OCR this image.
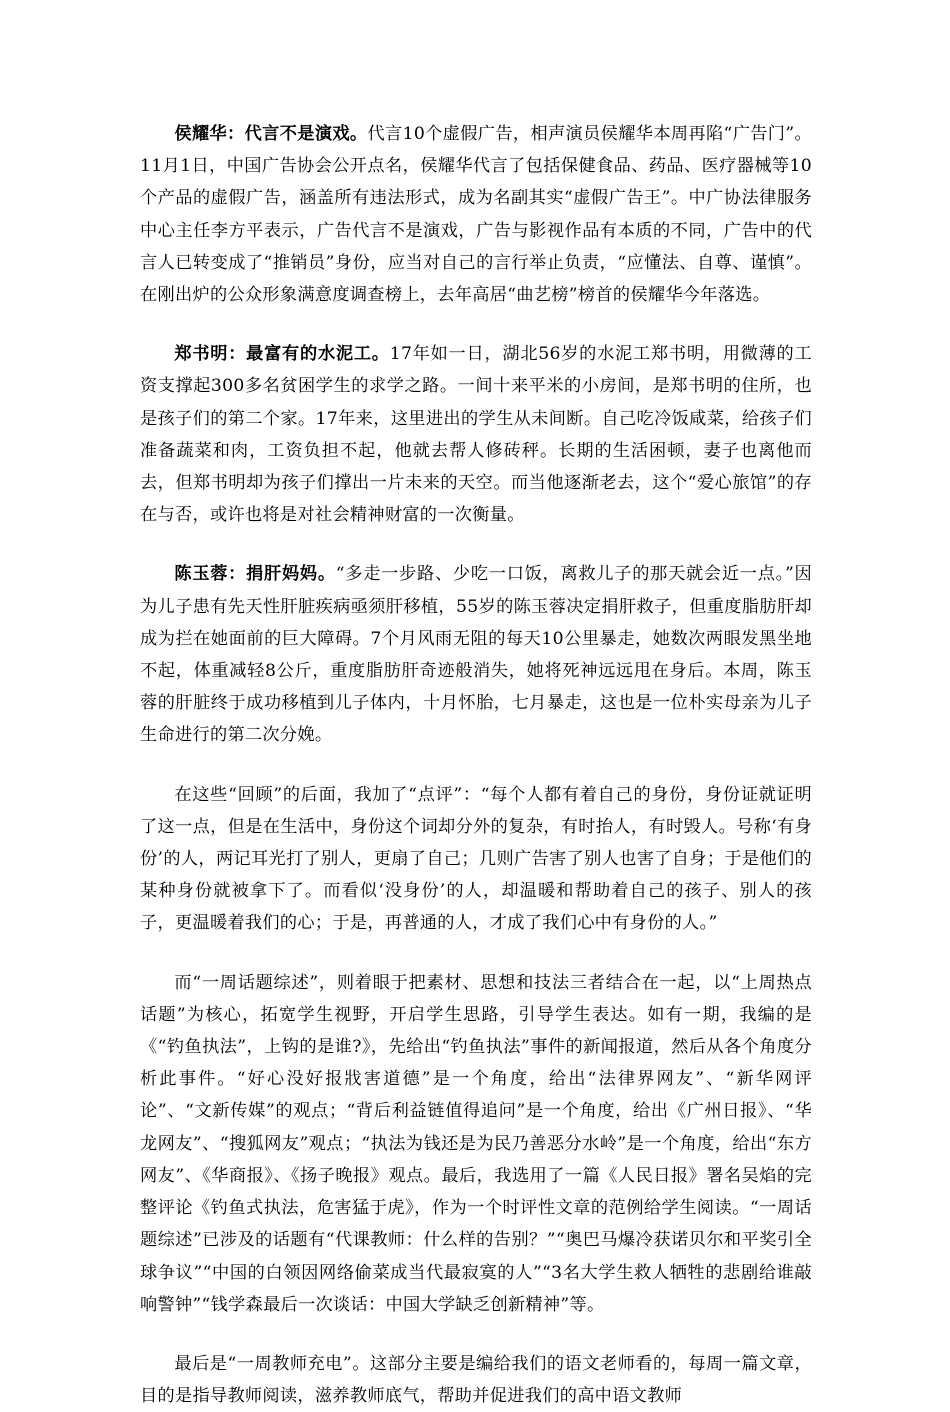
侯耀华：代言不是演戏。代言10个虚假广告，相声演员侯耀华本周再陷“广告门”。11月1日，中国广告协会公开点名，侯耀华代言了包括保健食品、药品、医疗器械等10个产品的虚假广告，涵盖所有违法形式，成为名副其实“虚假广告王”。中广协法律服务中心主任李方平表示，广告代言不是演戏，广告与影视作品有本质的不同，广告中的代言人已转变成了“推销员”身份，应当对自己的言行举止负责，“应懂法、自尊、谨慎”。在刚出炉的公众形象满意度调查榜上，去年高居“曲艺榜”榜首的侯耀华今年落选。

郑书明：最富有的水泥工。17年如一日，湖北56岁的水泥工郑书明，用微薄的工资支撑起300多名贫困学生的求学之路。一间十来平米的小房间，是郑书明的住所，也是孩子们的第二个家。17年来，这里进出的学生从未间断。自己吃冷饭咸菜，给孩子们准备蔬菜和肉，工资负担不起，他就去帮人修砖秤。长期的生活困顿，妻子也离他而去，但郑书明却为孩子们撑出一片未来的天空。而当他逐渐老去，这个“爱心旅馆”的存在与否，或许也将是对社会精神财富的一次衡量。

陈玉蓉：捐肝妈妈。“多走一步路、少吃一口饭，离救儿子的那天就会近一点。”因为儿子患有先天性肝脏疾病亟须肝移植，55岁的陈玉蓉决定捐肝救子，但重度脂肪肝却成为拦在她面前的巨大障碍。7个月风雨无阻的每天10公里暴走，她数次两眼发黑坐地不起，体重减轻8公斤，重度脂肪肝奇迹般消失，她将死神远远甩在身后。本周，陈玉蓉的肝脏终于成功移植到儿子体内，十月怀胎，七月暴走，这也是一位朴实母亲为儿子生命进行的第二次分娩。

在这些“回顾”的后面，我加了“点评”：“每个人都有着自己的身份，身份证就证明了这一点，但是在生活中，身份这个词却分外的复杂，有时抬人，有时毁人。号称‘有身份’的人，两记耳光打了别人，更扇了自己；几则广告害了别人也害了自身；于是他们的某种身份就被拿下了。而看似‘没身份’的人，却温暖和帮助着自己的孩子、别人的孩子，更温暖着我们的心；于是，再普通的人，才成了我们心中有身份的人。”

而“一周话题综述”，则着眼于把素材、思想和技法三者结合在一起，以“上周热点话题”为核心，拓宽学生视野，开启学生思路，引导学生表达。如有一期，我编的是《“钓鱼执法”，上钩的是谁?》，先给出“钓鱼执法”事件的新闻报道，然后从各个角度分析此事件。“好心没好报戕害道德”是一个角度，给出“法律界网友”、“新华网评论”、“文新传媒”的观点；“背后利益链值得追问”是一个角度，给出《广州日报》、“华龙网友”、“搜狐网友”观点；“执法为钱还是为民乃善恶分水岭”是一个角度，给出“东方网友”、《华商报》、《扬子晚报》观点。最后，我选用了一篇《人民日报》署名吴焰的完整评论《钓鱼式执法，危害猛于虎》，作为一个时评性文章的范例给学生阅读。“一周话题综述”已涉及的话题有“代课教师：什么样的告别？”“奥巴马爆冷获诺贝尔和平奖引全球争议”“中国的白领因网络偷菜成当代最寂寞的人”“3名大学生救人牺牲的悲剧给谁敲响警钟”“钱学森最后一次谈话：中国大学缺乏创新精神”等。

最后是“一周教师充电”。这部分主要是编给我们的语文老师看的，每周一篇文章，目的是指导教师阅读，滋养教师底气，帮助并促进我们的高中语文教师
